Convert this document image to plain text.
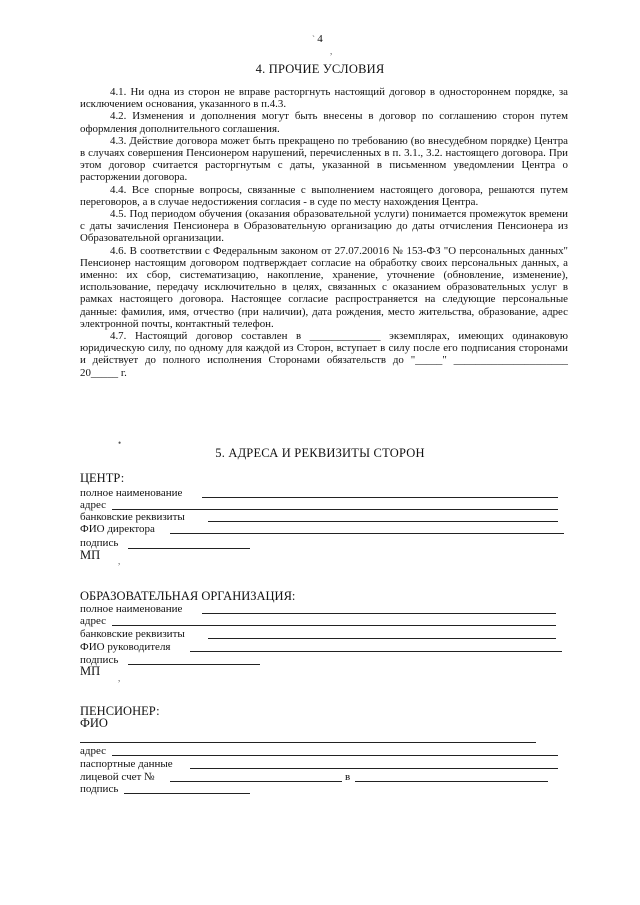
4
`
,
4. ПРОЧИЕ УСЛОВИЯ

4.1. Ни одна из сторон не вправе расторгнуть настоящий договор в одностороннем порядке, за исключением основания, указанного в п.4.3.

4.2. Изменения и дополнения могут быть внесены в договор по соглашению сторон путем оформления дополнительного соглашения.

4.3. Действие договора может быть прекращено по требованию (во внесудебном порядке) Центра в случаях совершения Пенсионером нарушений, перечисленных в п. 3.1., 3.2. настоящего договора. При этом договор считается расторгнутым с даты, указанной в письменном уведомлении Центра о расторжении договора.

4.4. Все спорные вопросы, связанные с выполнением настоящего договора, решаются путем переговоров, а в случае недостижения согласия - в суде по месту нахождения Центра.

4.5. Под периодом обучения (оказания образовательной услуги) понимается промежуток времени с даты зачисления Пенсионера в Образовательную организацию до даты отчисления Пенсионера из Образовательной организации.

4.6. В соответствии с Федеральным законом от 27.07.20016 № 153-ФЗ "О персональных данных" Пенсионер настоящим договором подтверждает согласие на обработку своих персональных данных, а именно: их сбор, систематизацию, накопление, хранение, уточнение (обновление, изменение), использование, передачу исключительно в целях, связанных с оказанием образовательных услуг в рамках настоящего договора. Настоящее согласие распространяется на следующие персональные данные: фамилия, имя, отчество (при наличии), дата рождения, место жительства, образование, адрес электронной почты, контактный телефон.

4.7. Настоящий договор составлен в _____________ экземплярах, имеющих одинаковую юридическую силу, по одному для каждой из Сторон, вступает в силу после его подписания сторонами и действует до полного исполнения Сторонами обязательств до "_____" _____________________ 20_____ г.

•
5. АДРЕСА И РЕКВИЗИТЫ СТОРОН
ЦЕНТР:
полное наименование
адрес
банковские реквизиты
ФИО директора
подпись
МП ,
ОБРАЗОВАТЕЛЬНАЯ ОРГАНИЗАЦИЯ:
полное наименование
адрес
банковские реквизиты
ФИО руководителя
подпись
МП ,
ПЕНСИОНЕР:
ФИО
адрес
паспортные данные
лицевой счет №	в
подпись
